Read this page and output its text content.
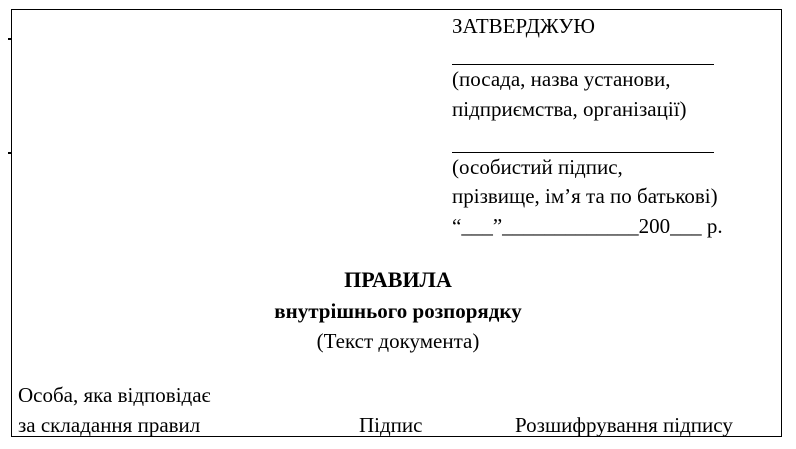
ЗАТВЕРДЖУЮ
(посада, назва установи,
підприємства, організації)
(особистий підпис,
прізвище, ім’я та по батькові)
“___”_____________200___ р.
ПРАВИЛА
внутрішнього розпорядку
(Текст документа)
Особа, яка відповідає
за складання правил	Підпис	Розшифрування підпису
